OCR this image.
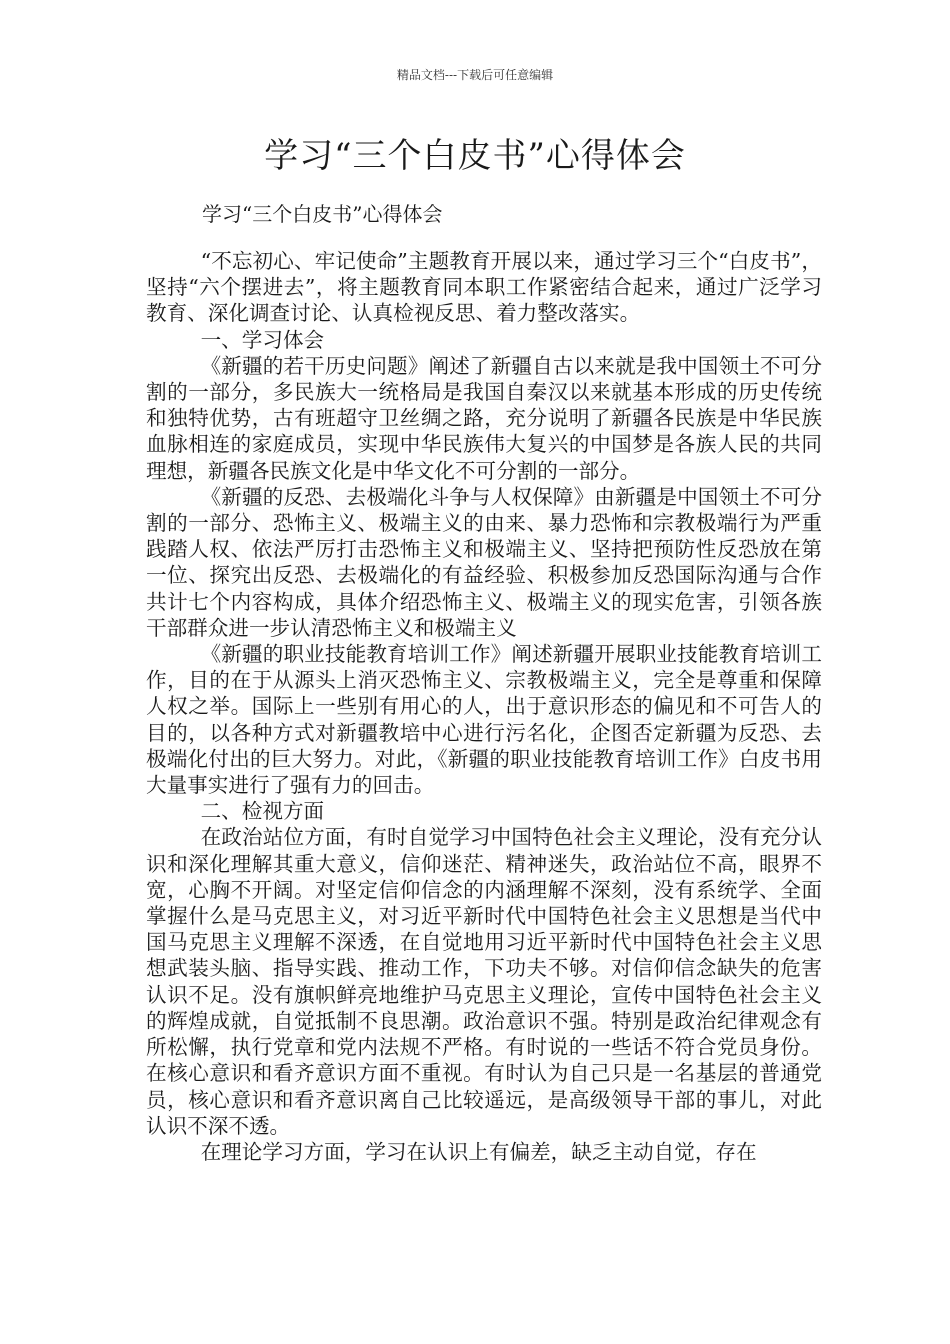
精品文档---下载后可任意编辑
学习“三个白皮书”心得体会
学习“三个白皮书”心得体会

“不忘初心、牢记使命”主题教育开展以来，通过学习三个“白皮书”，坚持“六个摆进去”，将主题教育同本职工作紧密结合起来，通过广泛学习教育、深化调查讨论、认真检视反思、着力整改落实。

一、学习体会

《新疆的若干历史问题》阐述了新疆自古以来就是我中国领土不可分割的一部分，多民族大一统格局是我国自秦汉以来就基本形成的历史传统和独特优势，古有班超守卫丝绸之路，充分说明了新疆各民族是中华民族血脉相连的家庭成员，实现中华民族伟大复兴的中国梦是各族人民的共同理想，新疆各民族文化是中华文化不可分割的一部分。

《新疆的反恐、去极端化斗争与人权保障》由新疆是中国领土不可分割的一部分、恐怖主义、极端主义的由来、暴力恐怖和宗教极端行为严重践踏人权、依法严厉打击恐怖主义和极端主义、坚持把预防性反恐放在第一位、探究出反恐、去极端化的有益经验、积极参加反恐国际沟通与合作共计七个内容构成，具体介绍恐怖主义、极端主义的现实危害，引领各族干部群众进一步认清恐怖主义和极端主义

《新疆的职业技能教育培训工作》阐述新疆开展职业技能教育培训工作，目的在于从源头上消灭恐怖主义、宗教极端主义，完全是尊重和保障人权之举。国际上一些别有用心的人，出于意识形态的偏见和不可告人的目的，以各种方式对新疆教培中心进行污名化，企图否定新疆为反恐、去极端化付出的巨大努力。对此，《新疆的职业技能教育培训工作》白皮书用大量事实进行了强有力的回击。

二、检视方面

在政治站位方面，有时自觉学习中国特色社会主义理论，没有充分认识和深化理解其重大意义，信仰迷茫、精神迷失，政治站位不高，眼界不宽，心胸不开阔。对坚定信仰信念的内涵理解不深刻，没有系统学、全面掌握什么是马克思主义，对习近平新时代中国特色社会主义思想是当代中国马克思主义理解不深透，在自觉地用习近平新时代中国特色社会主义思想武装头脑、指导实践、推动工作，下功夫不够。对信仰信念缺失的危害认识不足。没有旗帜鲜亮地维护马克思主义理论，宣传中国特色社会主义的辉煌成就，自觉抵制不良思潮。政治意识不强。特别是政治纪律观念有所松懈，执行党章和党内法规不严格。有时说的一些话不符合党员身份。在核心意识和看齐意识方面不重视。有时认为自己只是一名基层的普通党员，核心意识和看齐意识离自己比较遥远，是高级领导干部的事儿，对此认识不深不透。

在理论学习方面，学习在认识上有偏差，缺乏主动自觉，存在
